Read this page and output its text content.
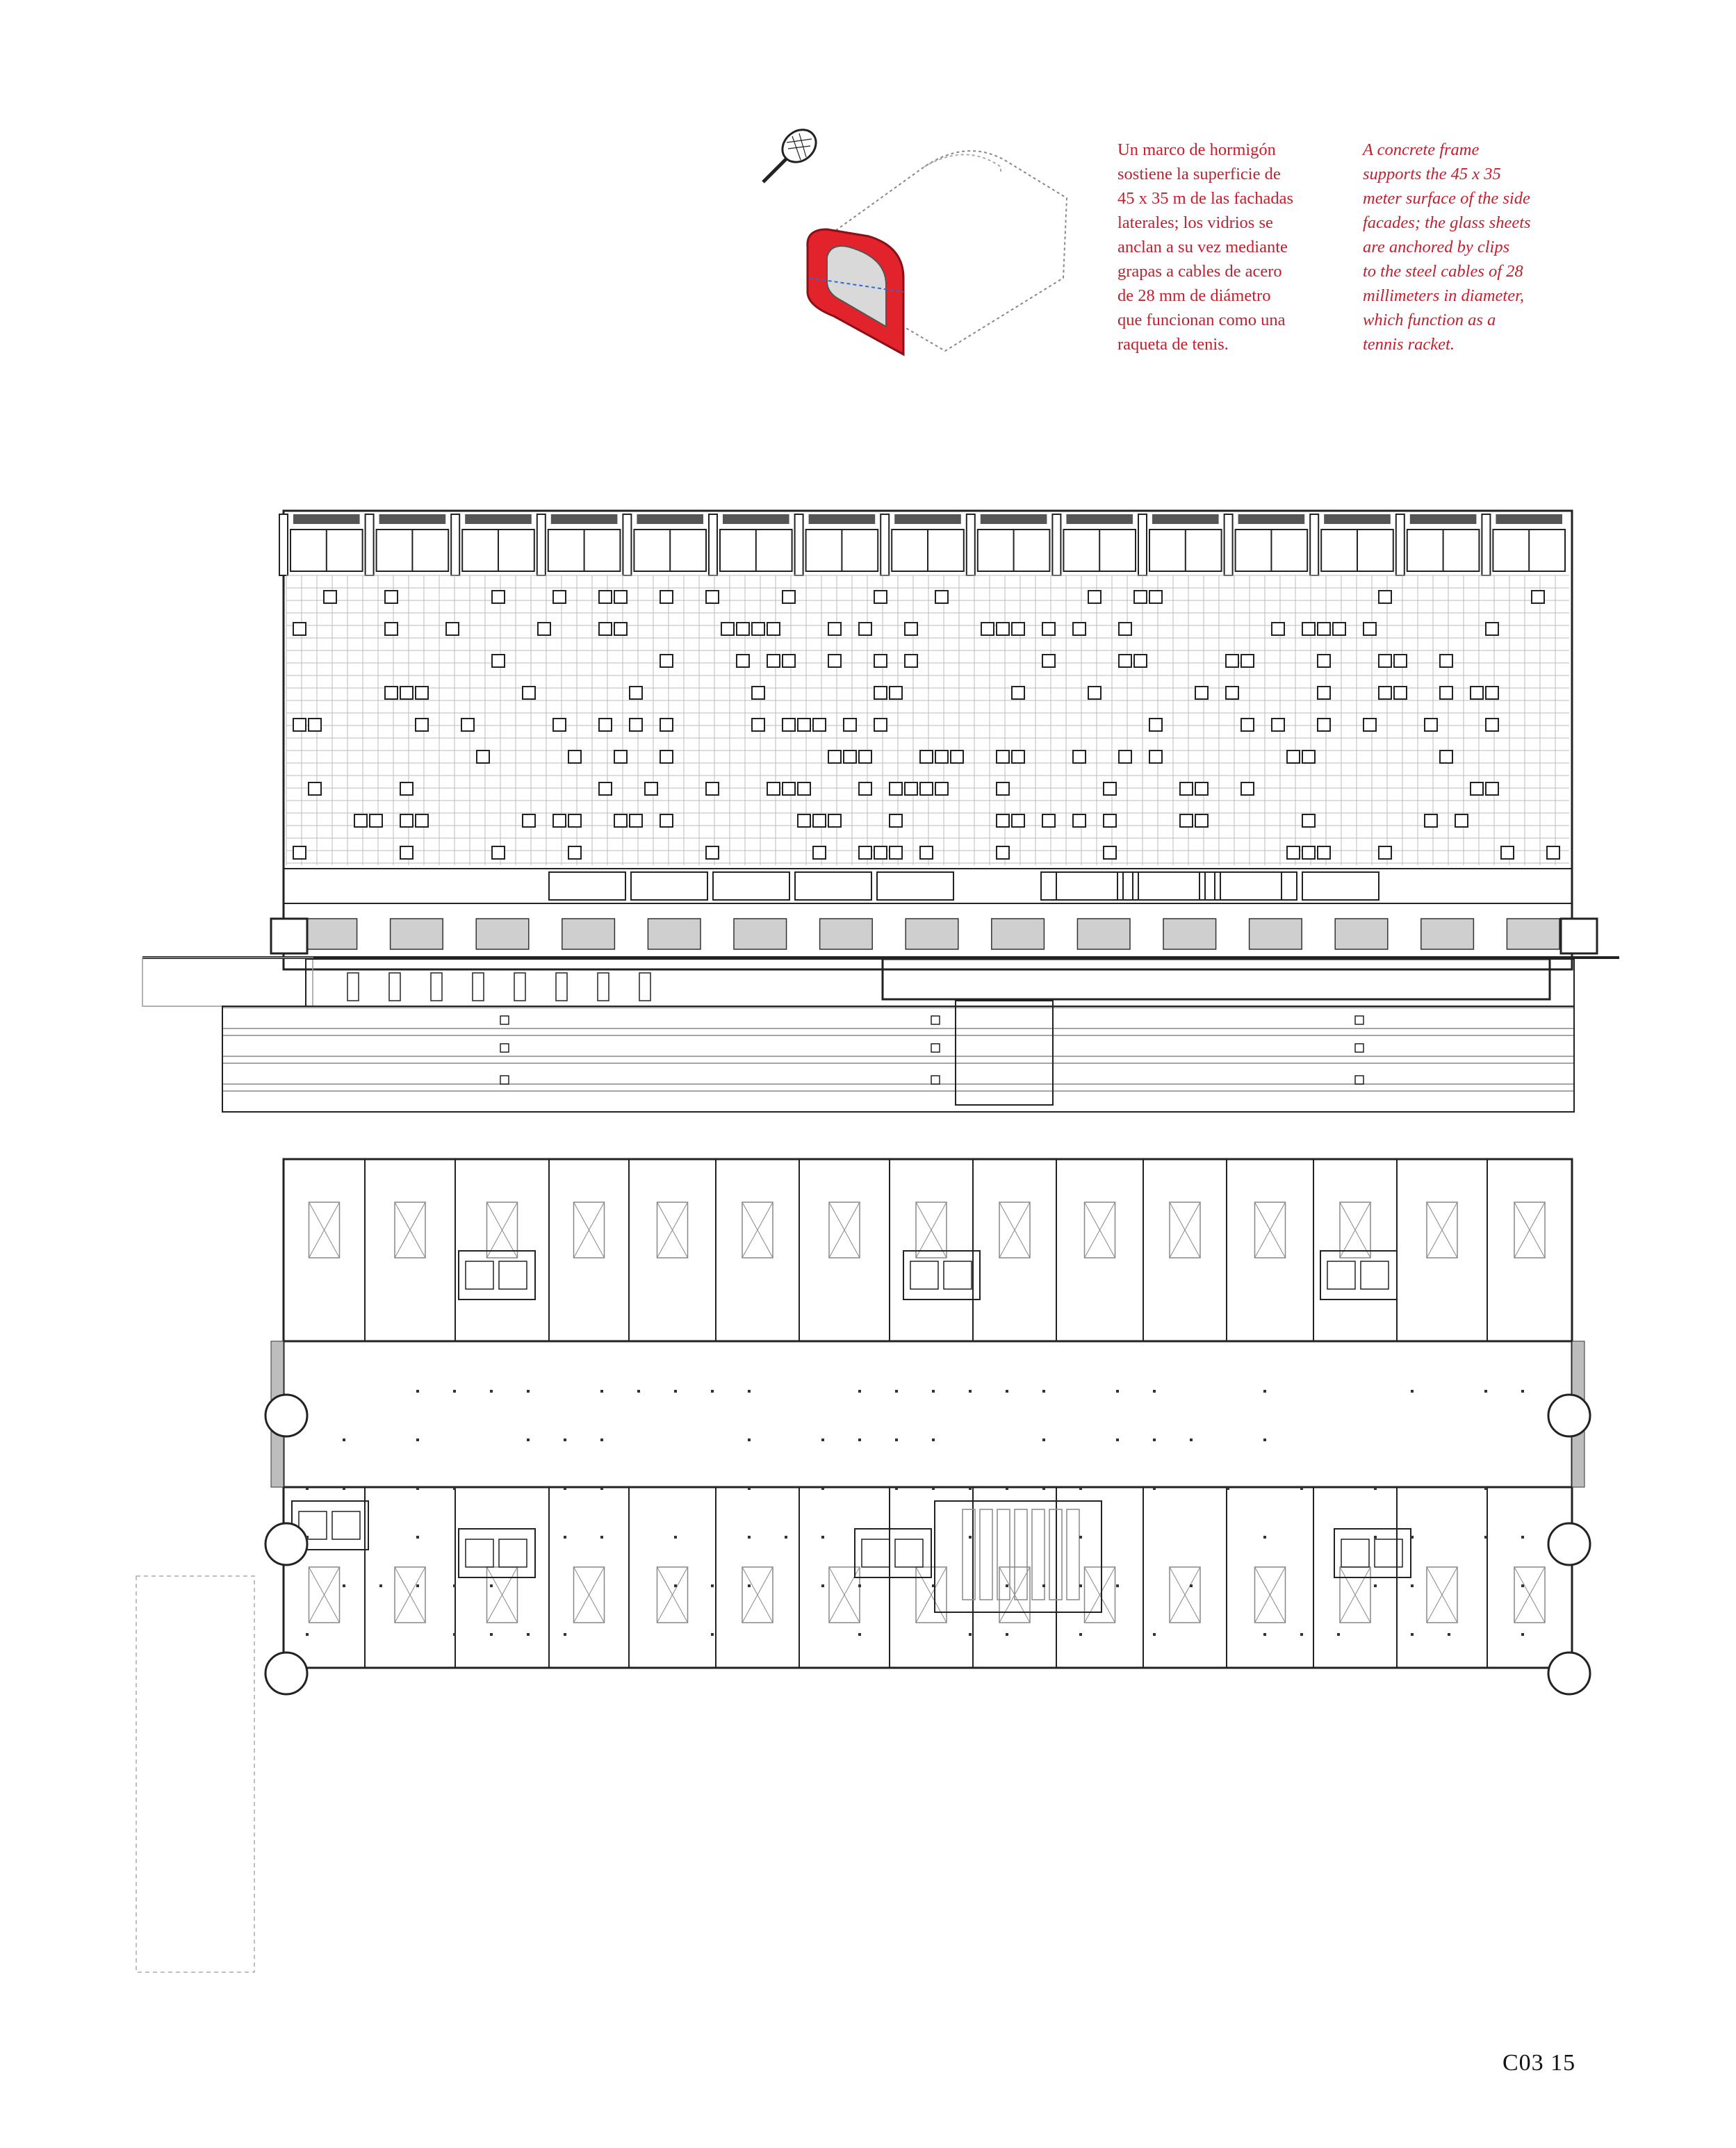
Un marco de hormigón
sostiene la superficie de
45 x 35 m de las fachadas
laterales; los vidrios se
anclan a su vez mediante
grapas a cables de acero
de 28 mm de diámetro
que funcionan como una
raqueta de tenis.
A concrete frame
supports the 45 x 35
meter surface of the side
facades; the glass sheets
are anchored by clips
to the steel cables of 28
millimeters in diameter,
which function as a
tennis racket.
C03 15
